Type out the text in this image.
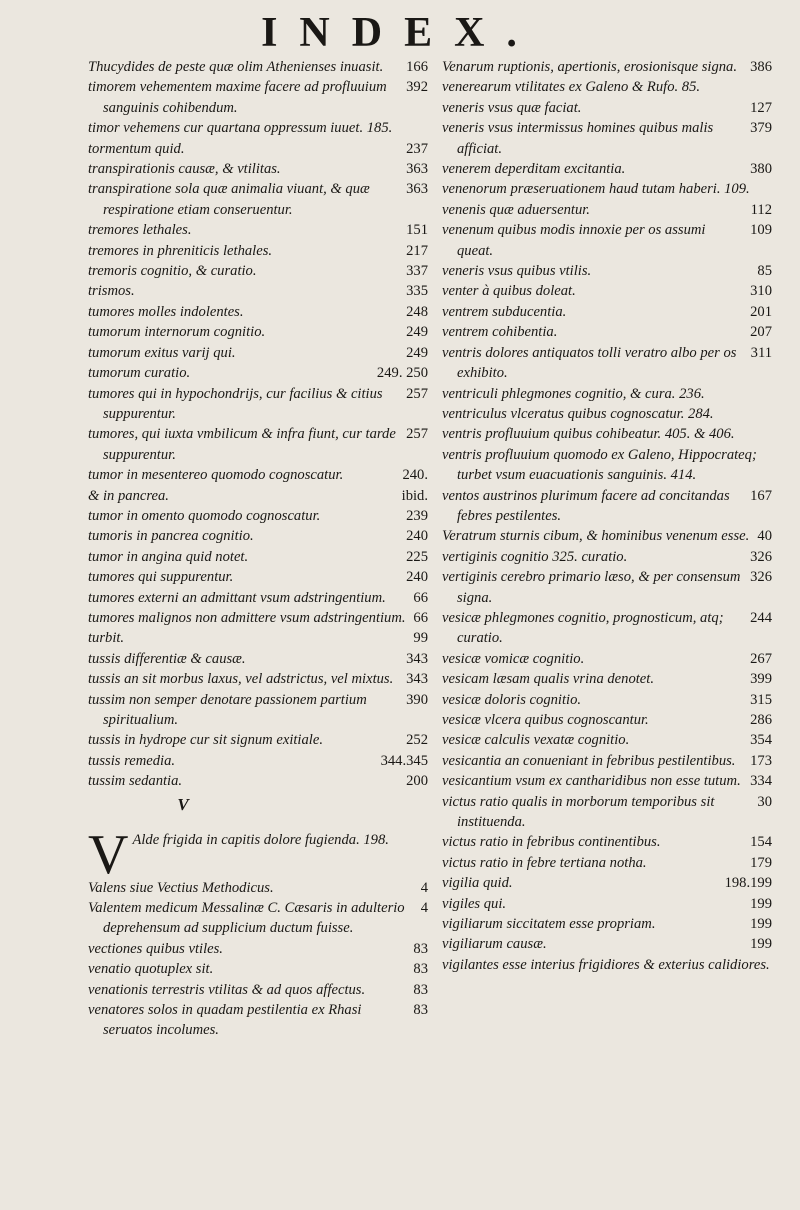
INDEX.
166
Thucydides de peste quæ olim Athenienses inuasit.
392
timorem vehementem maxime facere ad profluuium sanguinis cohibendum.
timor vehemens cur quartana oppressum iuuet. 185.
237
tormentum quid.
363
transpirationis causæ, & vtilitas.
363
transpiratione sola quæ animalia viuant, & quæ respiratione etiam conseruentur.
151
tremores lethales.
217
tremores in phreniticis lethales.
337
tremoris cognitio, & curatio.
335
trismos.
248
tumores molles indolentes.
249
tumorum internorum cognitio.
249
tumorum exitus varij qui.
249. 250
tumorum curatio.
257
tumores qui in hypochondrijs, cur facilius & citius suppurentur.
257
tumores, qui iuxta vmbilicum & infra fiunt, cur tarde suppurentur.
240.
tumor in mesentereo quomodo cognoscatur.
ibid.
& in pancrea.
239
tumor in omento quomodo cognoscatur.
240
tumoris in pancrea cognitio.
225
tumor in angina quid notet.
240
tumores qui suppurentur.
66
tumores externi an admittant vsum adstringentium.
66
tumores malignos non admittere vsum adstringentium.
99
turbit.
343
tussis differentiæ & causæ.
343
tussis an sit morbus laxus, vel adstrictus, vel mixtus.
390
tussim non semper denotare passionem partium spiritualium.
252
tussis in hydrope cur sit signum exitiale.
344.345
tussis remedia.
200
tussim sedantia.
V
V Alde frigida in capitis dolore fugienda. 198.
4
Valens siue Vectius Methodicus.
4
Valentem medicum Messalinæ C. Cæsaris in adulterio deprehensum ad supplicium ductum fuisse.
83
vectiones quibus vtiles.
83
venatio quotuplex sit.
83
venationis terrestris vtilitas & ad quos affectus.
83
venatores solos in quadam pestilentia ex Rhasi seruatos incolumes.
386
Venarum ruptionis, apertionis, erosionisque signa.
venerearum vtilitates ex Galeno & Rufo. 85.
127
veneris vsus quæ faciat.
379
veneris vsus intermissus homines quibus malis afficiat.
380
venerem deperditam excitantia.
venenorum præseruationem haud tutam haberi. 109.
112
venenis quæ aduersentur.
109
venenum quibus modis innoxie per os assumi queat.
85
veneris vsus quibus vtilis.
310
venter à quibus doleat.
201
ventrem subducentia.
207
ventrem cohibentia.
311
ventris dolores antiquatos tolli veratro albo per os exhibito.
ventriculi phlegmones cognitio, & cura. 236.
ventriculus vlceratus quibus cognoscatur. 284.
ventris profluuium quibus cohibeatur. 405. & 406.
ventris profluuium quomodo ex Galeno, Hippocrateq; turbet vsum euacuationis sanguinis. 414.
167
ventos austrinos plurimum facere ad concitandas febres pestilentes.
40
Veratrum sturnis cibum, & hominibus venenum esse.
326
vertiginis cognitio 325. curatio.
326
vertiginis cerebro primario læso, & per consensum signa.
244
vesicæ phlegmones cognitio, prognosticum, atq; curatio.
267
vesicæ vomicæ cognitio.
399
vesicam læsam qualis vrina denotet.
315
vesicæ doloris cognitio.
286
vesicæ vlcera quibus cognoscantur.
354
vesicæ calculis vexatæ cognitio.
173
vesicantia an conueniant in febribus pestilentibus.
334
vesicantium vsum ex cantharidibus non esse tutum.
30
victus ratio qualis in morborum temporibus sit instituenda.
154
victus ratio in febribus continentibus.
179
victus ratio in febre tertiana notha.
198.199
vigilia quid.
199
vigiles qui.
199
vigiliarum siccitatem esse propriam.
199
vigiliarum causæ.
vigilantes esse interius frigidiores & exterius calidiores.
